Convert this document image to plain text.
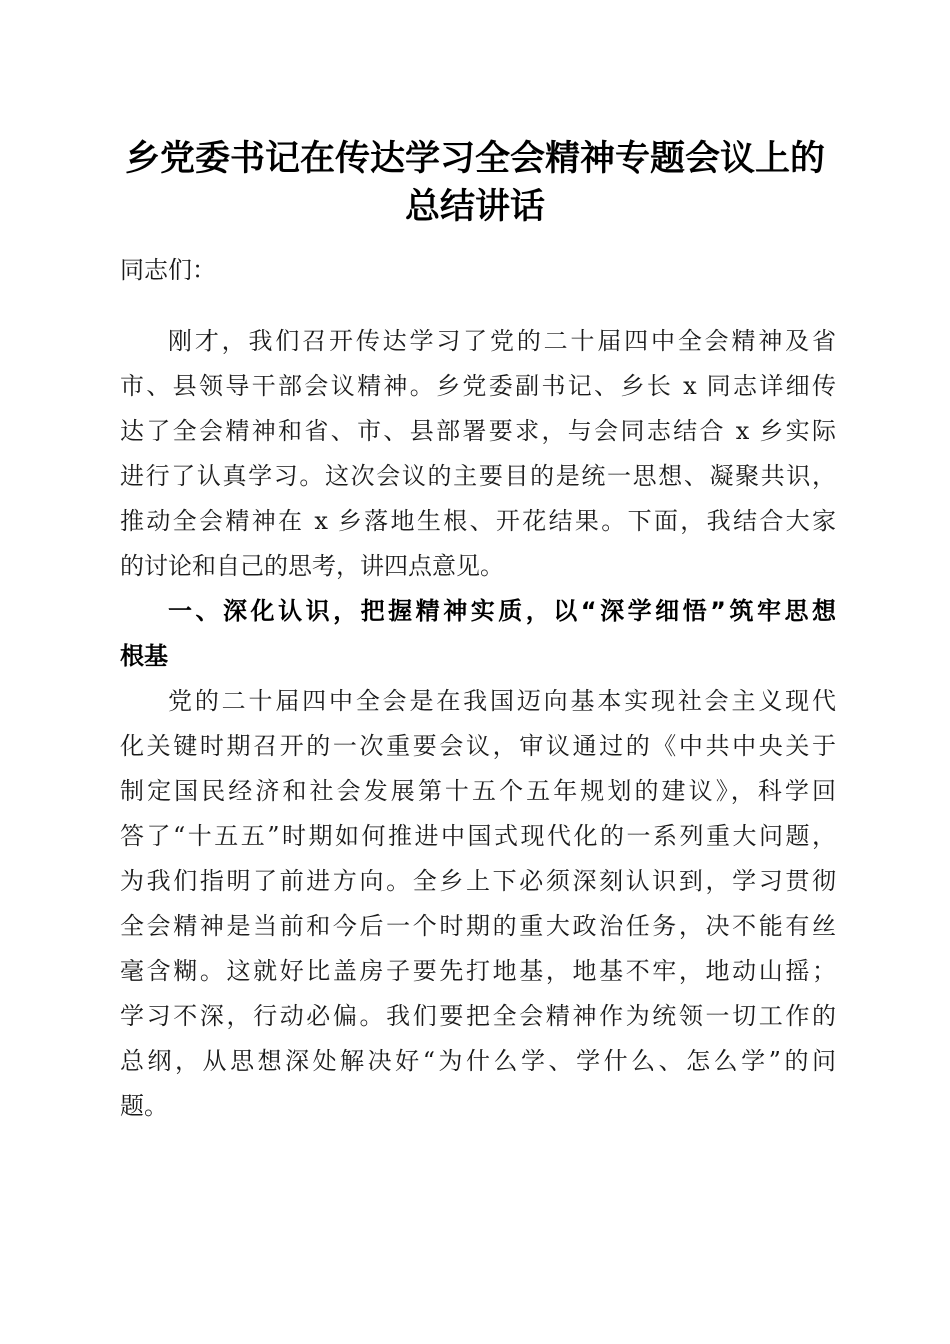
乡党委书记在传达学习全会精神专题会议上的
总结讲话
同志们：
刚才，我们召开传达学习了党的二十届四中全会精神及省
市、县领导干部会议精神。乡党委副书记、乡长 x 同志详细传
达了全会精神和省、市、县部署要求，与会同志结合 x 乡实际
进行了认真学习。这次会议的主要目的是统一思想、凝聚共识，
推动全会精神在 x 乡落地生根、开花结果。下面，我结合大家
的讨论和自己的思考，讲四点意见。
一、深化认识，把握精神实质，以“深学细悟”筑牢思想
根基
党的二十届四中全会是在我国迈向基本实现社会主义现代
化关键时期召开的一次重要会议，审议通过的《中共中央关于
制定国民经济和社会发展第十五个五年规划的建议》，科学回
答了“十五五”时期如何推进中国式现代化的一系列重大问题，
为我们指明了前进方向。全乡上下必须深刻认识到，学习贯彻
全会精神是当前和今后一个时期的重大政治任务，决不能有丝
毫含糊。这就好比盖房子要先打地基，地基不牢，地动山摇；
学习不深，行动必偏。我们要把全会精神作为统领一切工作的
总纲，从思想深处解决好“为什么学、学什么、怎么学”的问
题。
